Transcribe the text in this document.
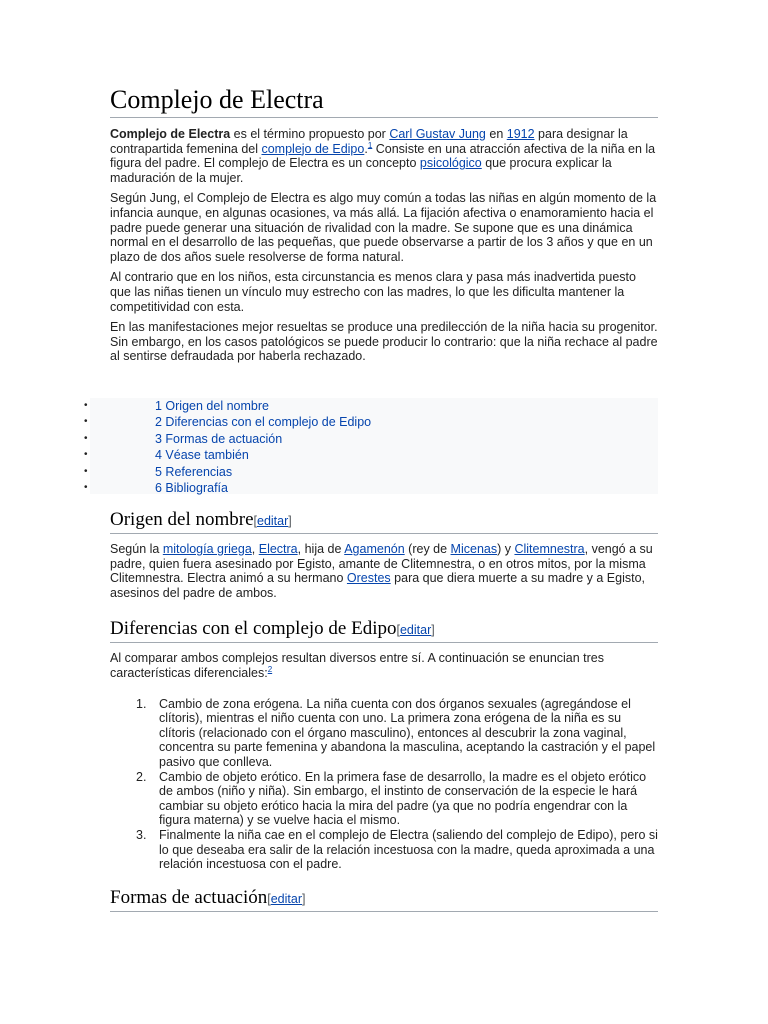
Complejo de Electra

Complejo de Electra es el término propuesto por Carl Gustav Jung en 1912 para designar la contrapartida femenina del complejo de Edipo.$^1$ Consiste en una atracción afectiva de la niña en la figura del padre. El complejo de Electra es un concepto psicológico que procura explicar la maduración de la mujer.

Según Jung, el Complejo de Electra es algo muy común a todas las niñas en algún momento de la infancia aunque, en algunas ocasiones, va más allá. La fijación afectiva o enamoramiento hacia el padre puede generar una situación de rivalidad con la madre. Se supone que es una dinámica normal en el desarrollo de las pequeñas, que puede observarse a partir de los 3 años y que en un plazo de dos años suele resolverse de forma natural.

Al contrario que en los niños, esta circunstancia es menos clara y pasa más inadvertida puesto que las niñas tienen un vínculo muy estrecho con las madres, lo que les dificulta mantener la competitividad con esta.

En las manifestaciones mejor resueltas se produce una predilección de la niña hacia su progenitor. Sin embargo, en los casos patológicos se puede producir lo contrario: que la niña rechace al padre al sentirse defraudada por haberla rechazado.

•	1 Origen del nombre
•	2 Diferencias con el complejo de Edipo
•	3 Formas de actuación
•	4 Véase también
•	5 Referencias
•	6 Bibliografía
Origen del nombre[editar]

Según la mitología griega, Electra, hija de Agamenón (rey de Micenas) y Clitemnestra, vengó a su padre, quien fuera asesinado por Egisto, amante de Clitemnestra, o en otros mitos, por la misma Clitemnestra. Electra animó a su hermano Orestes para que diera muerte a su madre y a Egisto, asesinos del padre de ambos.

Diferencias con el complejo de Edipo[editar]

Al comparar ambos complejos resultan diversos entre sí. A continuación se enuncian tres características diferenciales:$^2$

1. Cambio de zona erógena. La niña cuenta con dos órganos sexuales (agregándose el clítoris), mientras el niño cuenta con uno. La primera zona erógena de la niña es su clítoris (relacionado con el órgano masculino), entonces al descubrir la zona vaginal, concentra su parte femenina y abandona la masculina, aceptando la castración y el papel pasivo que conlleva.
2. Cambio de objeto erótico. En la primera fase de desarrollo, la madre es el objeto erótico de ambos (niño y niña). Sin embargo, el instinto de conservación de la especie le hará cambiar su objeto erótico hacia la mira del padre (ya que no podría engendrar con la figura materna) y se vuelve hacia el mismo.
3. Finalmente la niña cae en el complejo de Electra (saliendo del complejo de Edipo), pero si lo que deseaba era salir de la relación incestuosa con la madre, queda aproximada a una relación incestuosa con el padre.
Formas de actuación[editar]
